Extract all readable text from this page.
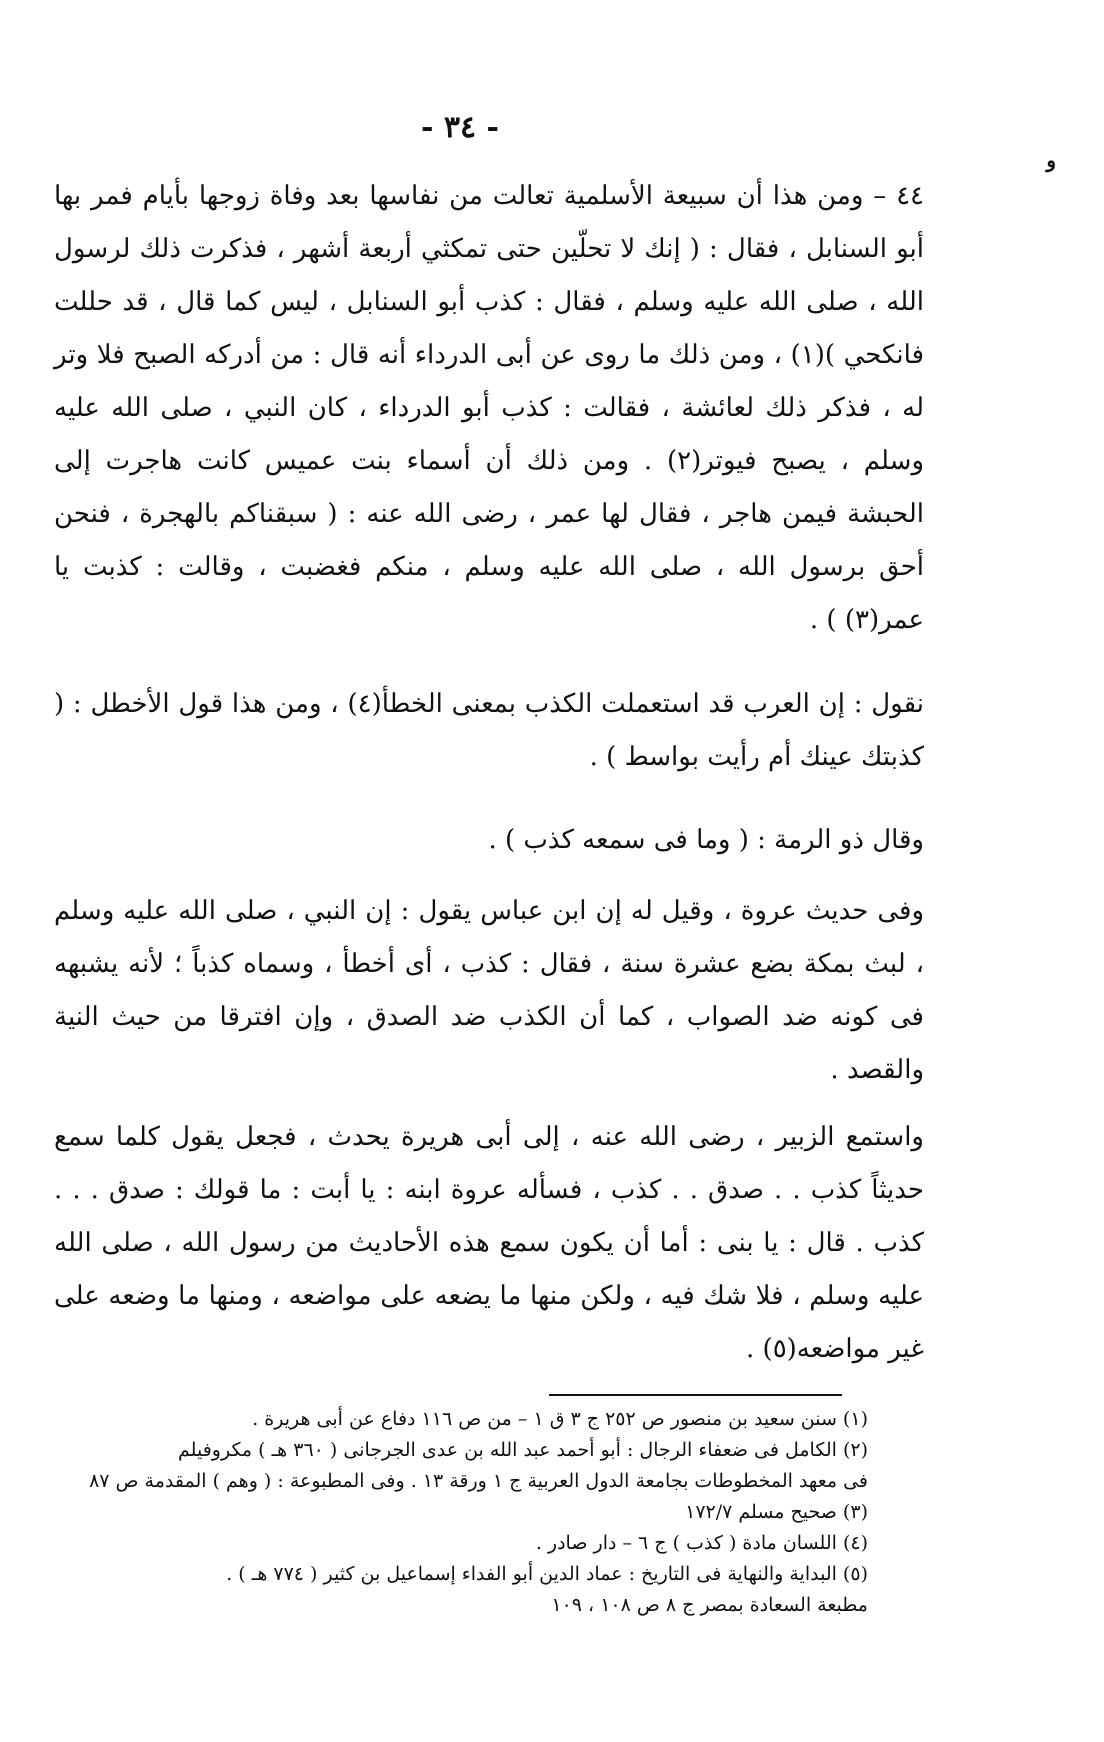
- ٣٤ -
و

٤٤ – ومن هذا أن سبيعة الأسلمية تعالت من نفاسها بعد وفاة زوجها بأيام فمر بها أبو السنابل ، فقال : ( إنك لا تحلّين حتى تمكثي أربعة أشهر ، فذكرت ذلك لرسول الله ، صلى الله عليه وسلم ، فقال : كذب أبو السنابل ، ليس كما قال ، قد حللت فانكحي )(١) ، ومن ذلك ما روى عن أبى الدرداء أنه قال : من أدركه الصبح فلا وتر له ، فذكر ذلك لعائشة ، فقالت : كذب أبو الدرداء ، كان النبي ، صلى الله عليه وسلم ، يصبح فيوتر(٢) . ومن ذلك أن أسماء بنت عميس كانت هاجرت إلى الحبشة فيمن هاجر ، فقال لها عمر ، رضى الله عنه : ( سبقناكم بالهجرة ، فنحن أحق برسول الله ، صلى الله عليه وسلم ، منكم فغضبت ، وقالت : كذبت يا عمر(٣) ) .

نقول : إن العرب قد استعملت الكذب بمعنى الخطأ(٤) ، ومن هذا قول الأخطل : ( كذبتك عينك أم رأيت بواسط ) .

وقال ذو الرمة : ( وما فى سمعه كذب ) .

وفى حديث عروة ، وقيل له إن ابن عباس يقول : إن النبي ، صلى الله عليه وسلم ، لبث بمكة بضع عشرة سنة ، فقال : كذب ، أى أخطأ ، وسماه كذباً ؛ لأنه يشبهه فى كونه ضد الصواب ، كما أن الكذب ضد الصدق ، وإن افترقا من حيث النية والقصد .

واستمع الزبير ، رضى الله عنه ، إلى أبى هريرة يحدث ، فجعل يقول كلما سمع حديثاً كذب . . صدق . . كذب ، فسأله عروة ابنه : يا أبت : ما قولك : صدق . . . كذب . قال : يا بنى : أما أن يكون سمع هذه الأحاديث من رسول الله ، صلى الله عليه وسلم ، فلا شك فيه ، ولكن منها ما يضعه على مواضعه ، ومنها ما وضعه على غير مواضعه(٥) .

(١) سنن سعيد بن منصور ص ٢٥٢ ج ٣ ق ١ – من ص ١١٦ دفاع عن أبى هريرة .

(٢) الكامل فى ضعفاء الرجال : أبو أحمد عبد الله بن عدى الجرجانى ( ٣٦٠ هـ ) مكروفيلم

فى معهد المخطوطات بجامعة الدول العربية ج ١ ورقة ١٣ . وفى المطبوعة : ( وهم ) المقدمة ص ٨٧

(٣) صحيح مسلم ١٧٢/٧

(٤) اللسان مادة ( كذب ) ج ٦ – دار صادر .

(٥) البداية والنهاية فى التاريخ : عماد الدين أبو الفداء إسماعيل بن كثير ( ٧٧٤ هـ ) .

مطبعة السعادة بمصر ج ٨ ص ١٠٨ ، ١٠٩
